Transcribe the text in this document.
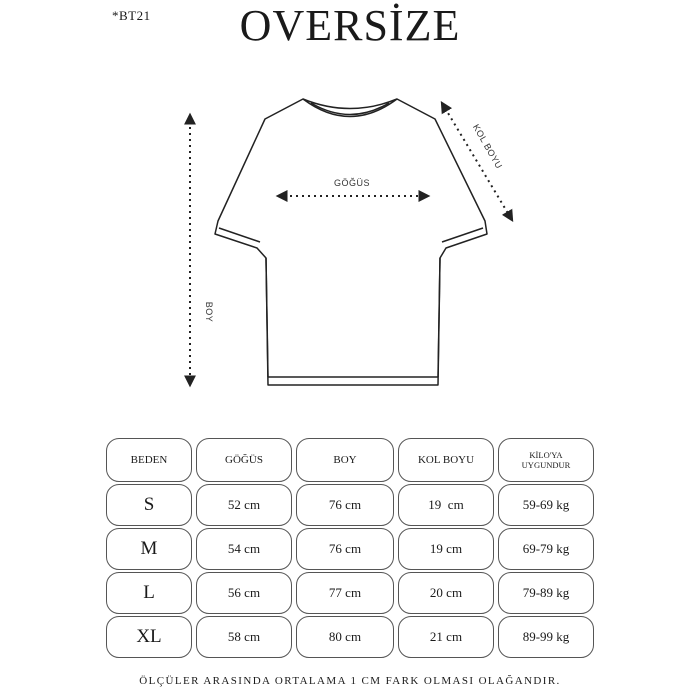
*BT21	OVERSİZE
GÖĞÜS
BOY
KOL BOYU
BEDEN	GÖĞÜS	BOY	KOL BOYU	KİLO'YA
UYGUNDUR
S	52 cm	76 cm	19  cm	59-69 kg
M	54 cm	76 cm	19 cm	69-79 kg
L	56 cm	77 cm	20 cm	79-89 kg
XL	58 cm	80 cm	21 cm	89-99 kg
ÖLÇÜLER ARASINDA ORTALAMA 1 CM FARK OLMASI OLAĞANDIR.
